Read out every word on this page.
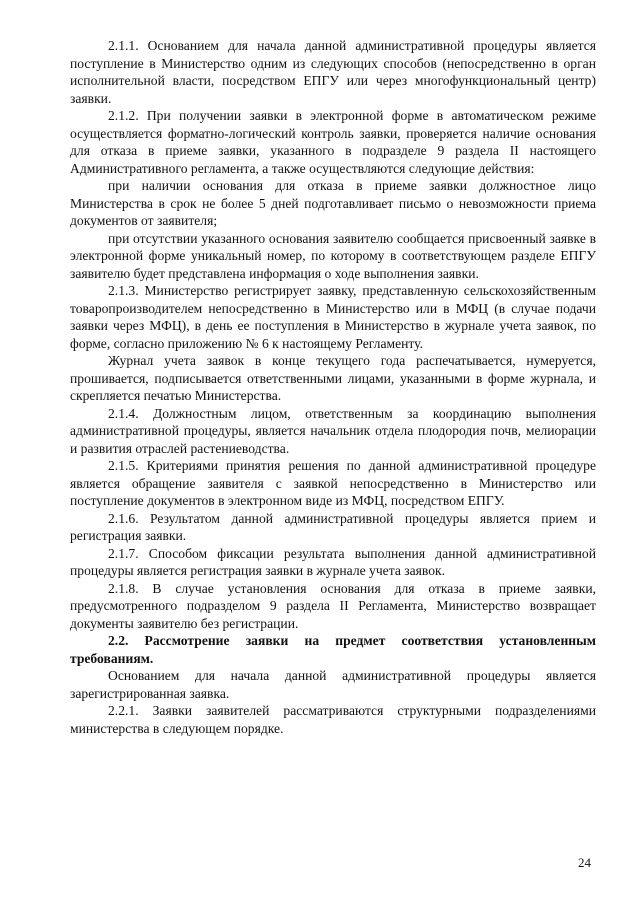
2.1.1. Основанием для начала данной административной процедуры является поступление в Министерство одним из следующих способов (непосредственно в орган исполнительной власти, посредством ЕПГУ или через многофункциональный центр) заявки.

2.1.2. При получении заявки в электронной форме в автоматическом режиме осуществляется форматно-логический контроль заявки, проверяется наличие основания для отказа в приеме заявки, указанного в подразделе 9 раздела II настоящего Административного регламента, а также осуществляются следующие действия:

при наличии основания для отказа в приеме заявки должностное лицо Министерства в срок не более 5 дней подготавливает письмо о невозможности приема документов от заявителя;

при отсутствии указанного основания заявителю сообщается присвоенный заявке в электронной форме уникальный номер, по которому в соответствующем разделе ЕПГУ заявителю будет представлена информация о ходе выполнения заявки.

2.1.3. Министерство регистрирует заявку, представленную сельскохозяйственным товаропроизводителем непосредственно в Министерство или в МФЦ (в случае подачи заявки через МФЦ), в день ее поступления в Министерство в журнале учета заявок, по форме, согласно приложению № 6 к настоящему Регламенту.

Журнал учета заявок в конце текущего года распечатывается, нумеруется, прошивается, подписывается ответственными лицами, указанными в форме журнала, и скрепляется печатью Министерства.

2.1.4. Должностным лицом, ответственным за координацию выполнения административной процедуры, является начальник отдела плодородия почв, мелиорации и развития отраслей растениеводства.

2.1.5. Критериями принятия решения по данной административной процедуре является обращение заявителя с заявкой непосредственно в Министерство или поступление документов в электронном виде из МФЦ, посредством ЕПГУ.

2.1.6. Результатом данной административной процедуры является прием и регистрация заявки.

2.1.7. Способом фиксации результата выполнения данной административной процедуры является регистрация заявки в журнале учета заявок.

2.1.8. В случае установления основания для отказа в приеме заявки, предусмотренного подразделом 9 раздела II Регламента, Министерство возвращает документы заявителю без регистрации.

2.2. Рассмотрение заявки на предмет соответствия установленным требованиям.

Основанием для начала данной административной процедуры является зарегистрированная заявка.

2.2.1. Заявки заявителей рассматриваются структурными подразделениями министерства в следующем порядке.

24
